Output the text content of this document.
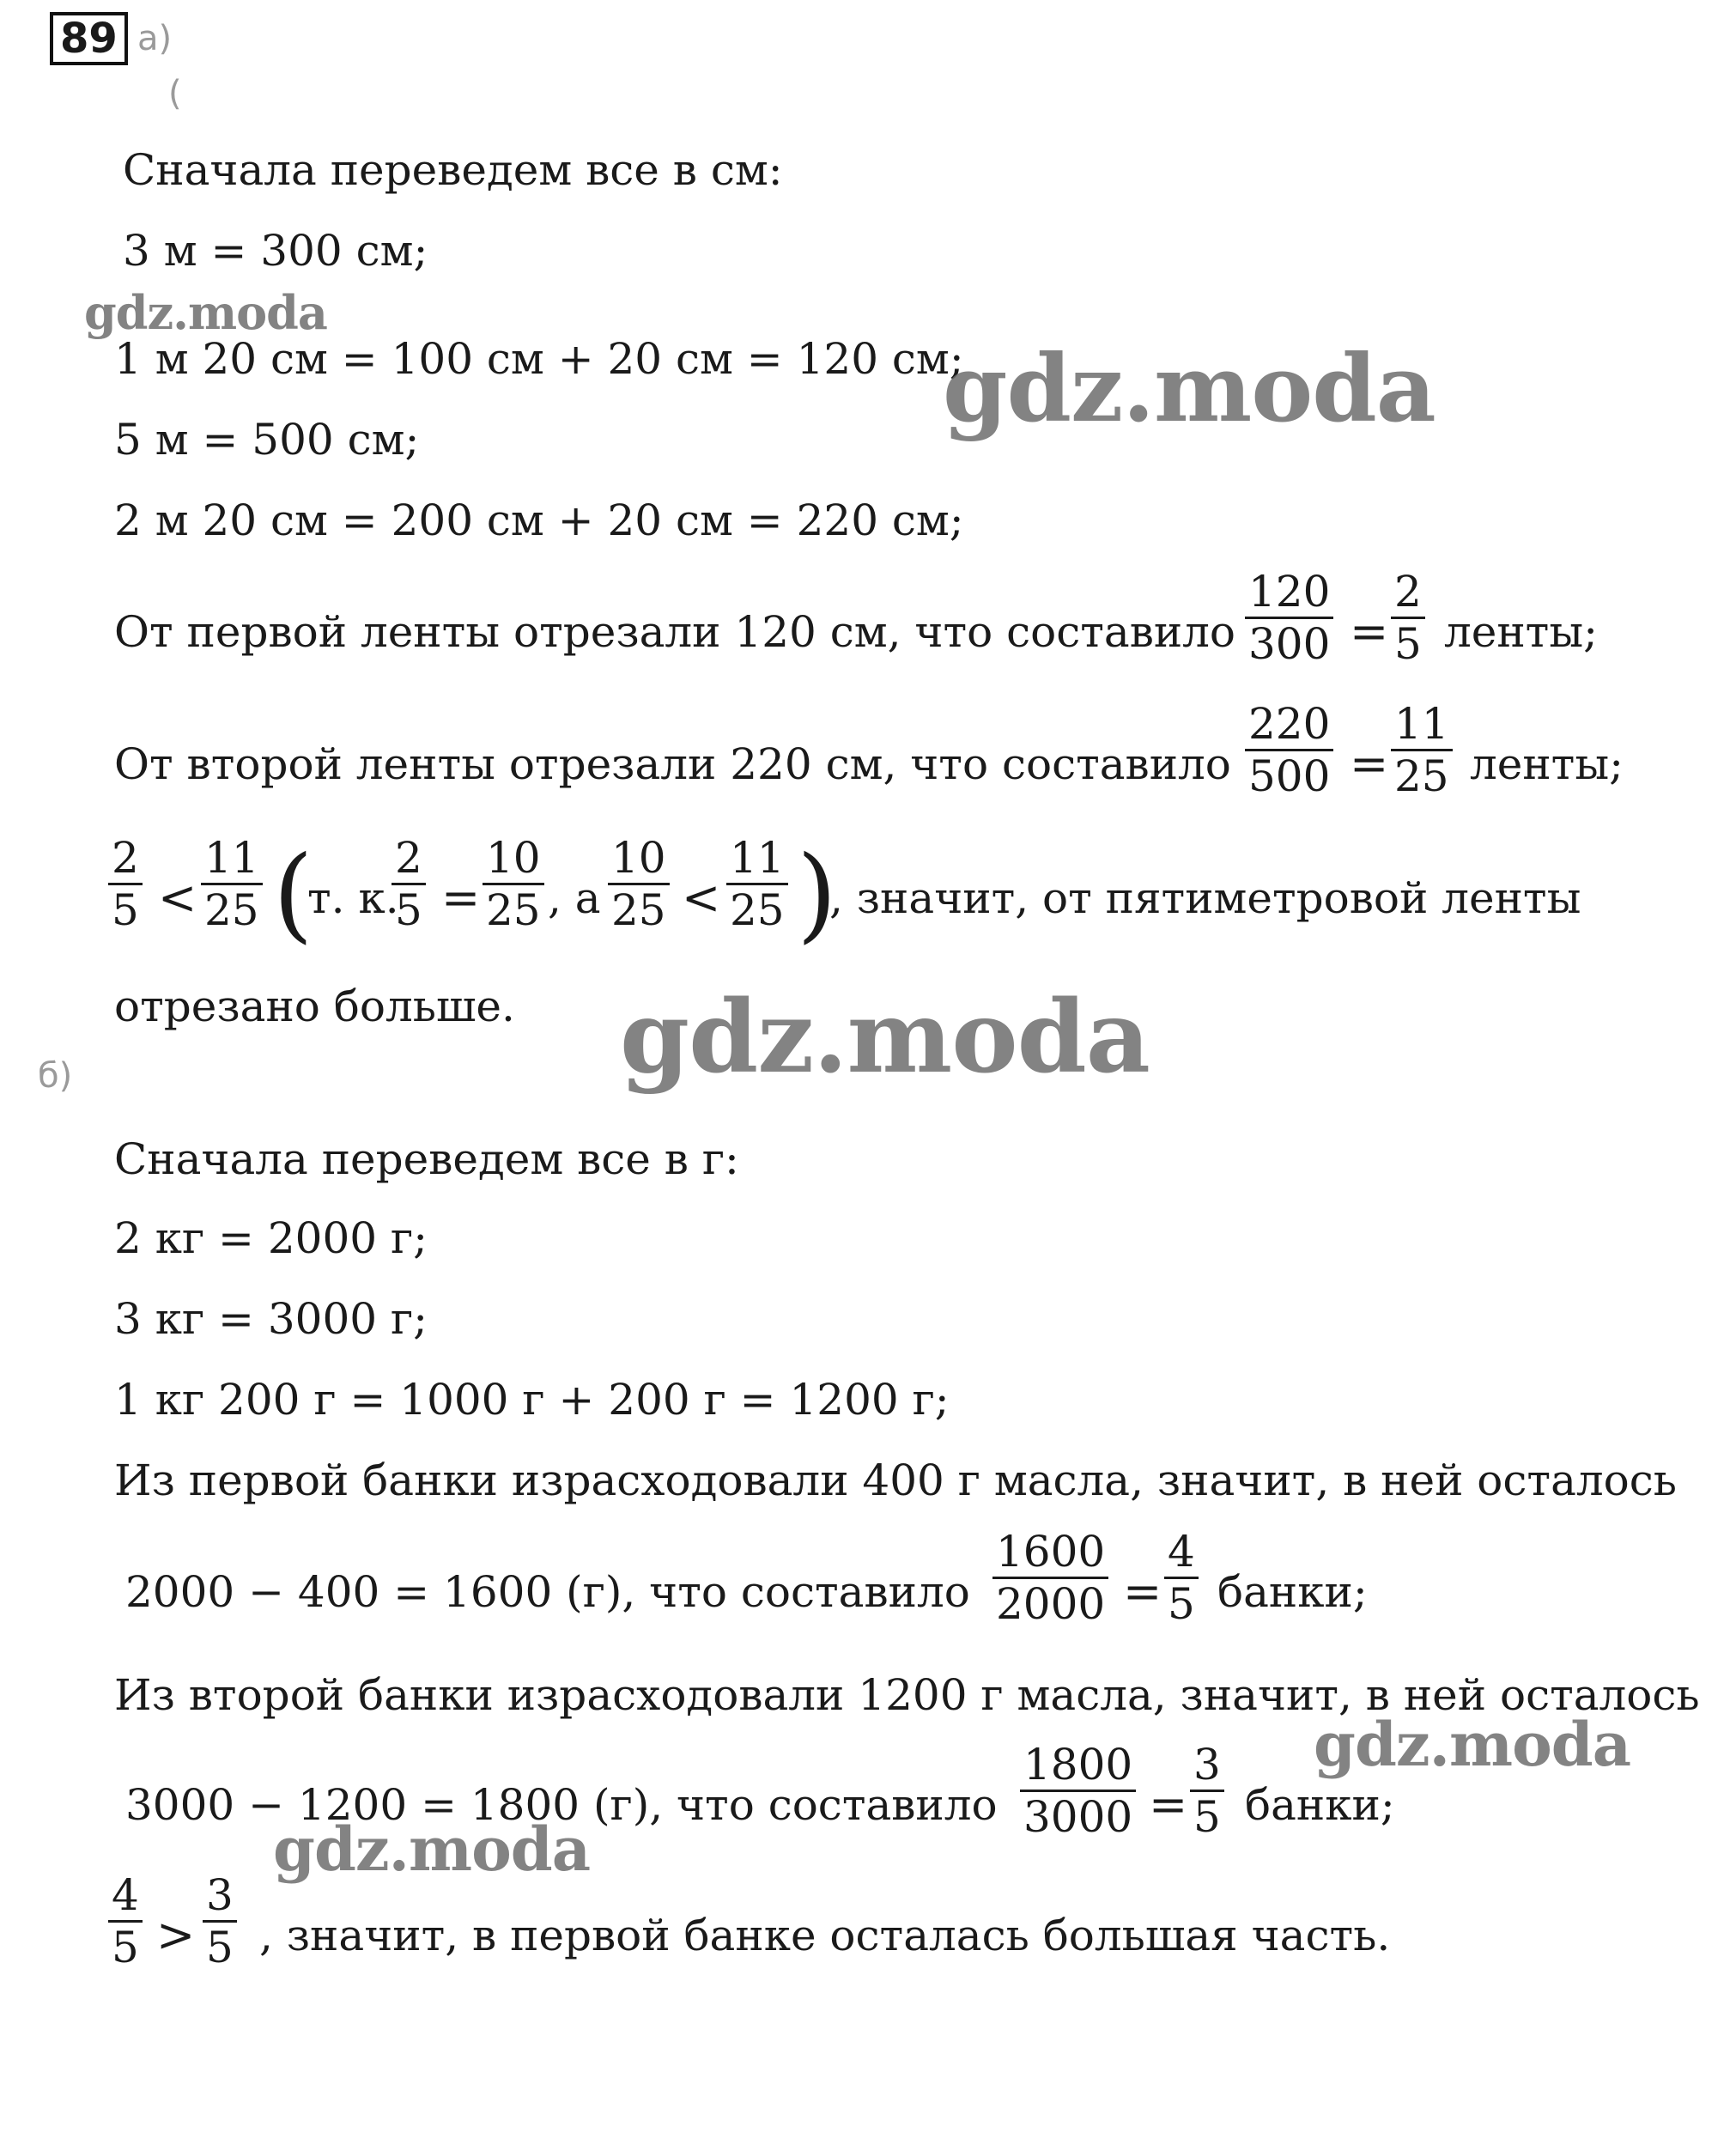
89 а)
(
Сначала переведем все в см:
3 м = 300 см;
1 м 20 см = 100 см + 20 см = 120 см;
5 м = 500 см;
2 м 20 см = 200 см + 20 см = 220 см;
От первой ленты отрезали 120 см, что составило $\frac{120}{300} = \frac{2}{5}$ ленты;
От второй ленты отрезали 220 см, что составило $\frac{220}{500} = \frac{11}{25}$ ленты;
$\frac{2}{5} < \frac{11}{25}$ (
т. к.
$\frac{2}{5} = \frac{10}{25}$ , а $\frac{10}{25} < \frac{11}{25}$ )
, значит, от пятиметровой ленты
отрезано больше.
б)
Сначала переведем все в г:
2 кг = 2000 г;
3 кг = 3000 г;
1 кг 200 г = 1000 г + 200 г = 1200 г;
Из первой банки израсходовали 400 г масла, значит, в ней осталось
2000 − 400 = 1600 (г), что составило $\frac{1600}{2000} = \frac{4}{5}$ банки;
Из второй банки израсходовали 1200 г масла, значит, в ней осталось
3000 − 1200 = 1800 (г), что составило $\frac{1800}{3000} = \frac{3}{5}$ банки;
$\frac{4}{5} > \frac{3}{5}$ , значит, в первой банке осталась большая часть.
gdz.moda
gdz.moda
gdz.moda
gdz.moda
gdz.moda
